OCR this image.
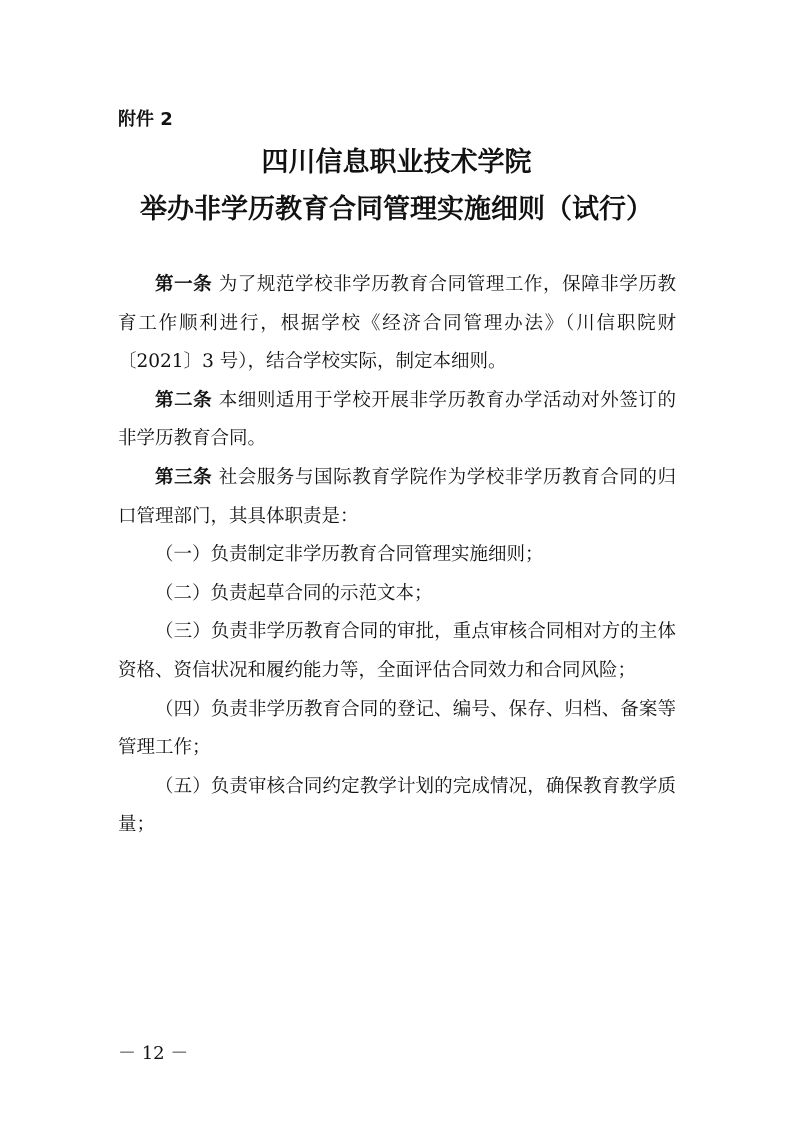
附件 2

四川信息职业技术学院
举办非学历教育合同管理实施细则（试行）

第一条 为了规范学校非学历教育合同管理工作，保障非学历教育工作顺利进行，根据学校《经济合同管理办法》（川信职院财〔2021〕3 号），结合学校实际，制定本细则。

第二条 本细则适用于学校开展非学历教育办学活动对外签订的非学历教育合同。

第三条 社会服务与国际教育学院作为学校非学历教育合同的归口管理部门，其具体职责是：

（一）负责制定非学历教育合同管理实施细则；

（二）负责起草合同的示范文本；

（三）负责非学历教育合同的审批，重点审核合同相对方的主体资格、资信状况和履约能力等，全面评估合同效力和合同风险；

（四）负责非学历教育合同的登记、编号、保存、归档、备案等管理工作；

（五）负责审核合同约定教学计划的完成情况，确保教育教学质量；

－ 12 －
